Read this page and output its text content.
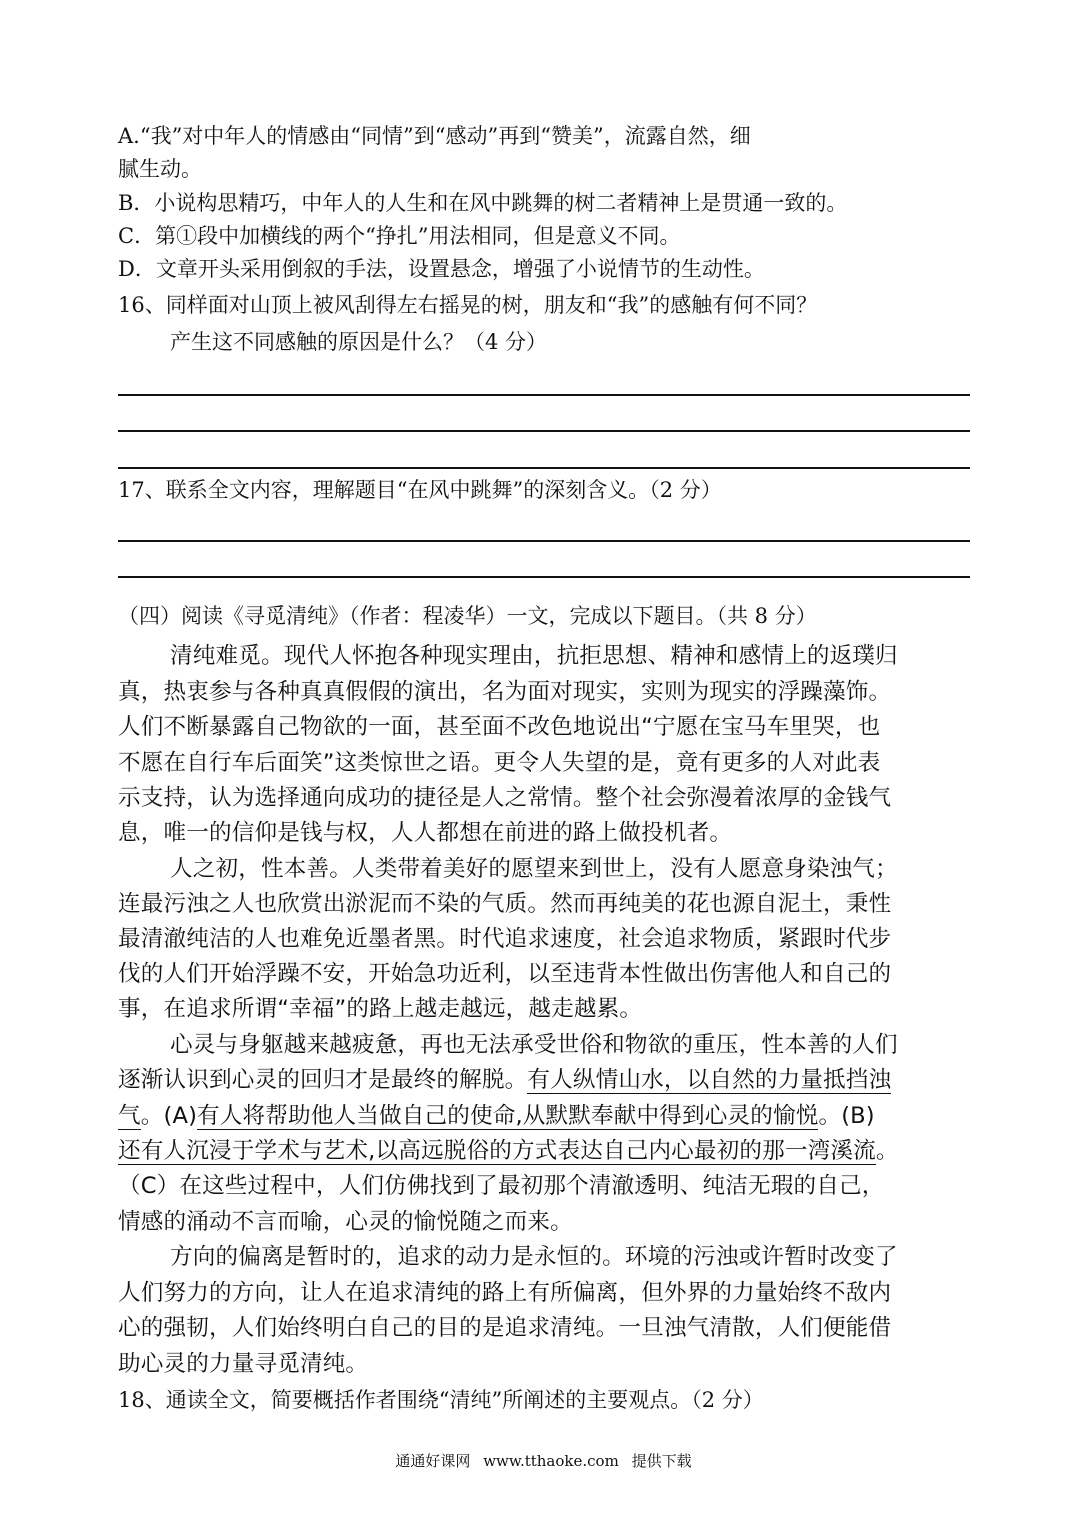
A.“我”对中年人的情感由“同情”到“感动”再到“赞美”，流露自然，细
腻生动。
B．小说构思精巧，中年人的人生和在风中跳舞的树二者精神上是贯通一致的。
C．第①段中加横线的两个“挣扎”用法相同，但是意义不同。
D．文章开头采用倒叙的手法，设置悬念，增强了小说情节的生动性。
16、同样面对山顶上被风刮得左右摇晃的树，朋友和“我”的感触有何不同？
产生这不同感触的原因是什么？（4 分）
17、联系全文内容，理解题目“在风中跳舞”的深刻含义。（2 分）
（四）阅读《寻觅清纯》（作者：程凌华）一文，完成以下题目。（共 8 分）
清纯难觅。现代人怀抱各种现实理由，抗拒思想、精神和感情上的返璞归
真，热衷参与各种真真假假的演出，名为面对现实，实则为现实的浮躁藻饰。
人们不断暴露自己物欲的一面，甚至面不改色地说出“宁愿在宝马车里哭，也
不愿在自行车后面笑”这类惊世之语。更令人失望的是，竟有更多的人对此表
示支持，认为选择通向成功的捷径是人之常情。整个社会弥漫着浓厚的金钱气
息，唯一的信仰是钱与权，人人都想在前进的路上做投机者。
人之初，性本善。人类带着美好的愿望来到世上，没有人愿意身染浊气；
连最污浊之人也欣赏出淤泥而不染的气质。然而再纯美的花也源自泥土，秉性
最清澈纯洁的人也难免近墨者黑。时代追求速度，社会追求物质，紧跟时代步
伐的人们开始浮躁不安，开始急功近利，以至违背本性做出伤害他人和自己的
事，在追求所谓“幸福”的路上越走越远，越走越累。
心灵与身躯越来越疲惫，再也无法承受世俗和物欲的重压，性本善的人们
逐渐认识到心灵的回归才是最终的解脱。有人纵情山水，以自然的力量抵挡浊
气。(A)有人将帮助他人当做自己的使命,从默默奉献中得到心灵的愉悦。(B)
还有人沉浸于学术与艺术,以高远脱俗的方式表达自己内心最初的那一湾溪流。
（C）在这些过程中，人们仿佛找到了最初那个清澈透明、纯洁无瑕的自己，
情感的涌动不言而喻，心灵的愉悦随之而来。
方向的偏离是暂时的，追求的动力是永恒的。环境的污浊或许暂时改变了
人们努力的方向，让人在追求清纯的路上有所偏离，但外界的力量始终不敌内
心的强韧，人们始终明白自己的目的是追求清纯。一旦浊气清散，人们便能借
助心灵的力量寻觅清纯。
18、通读全文，简要概括作者围绕“清纯”所阐述的主要观点。（2 分）
通通好课网 www.tthaoke.com 提供下载
